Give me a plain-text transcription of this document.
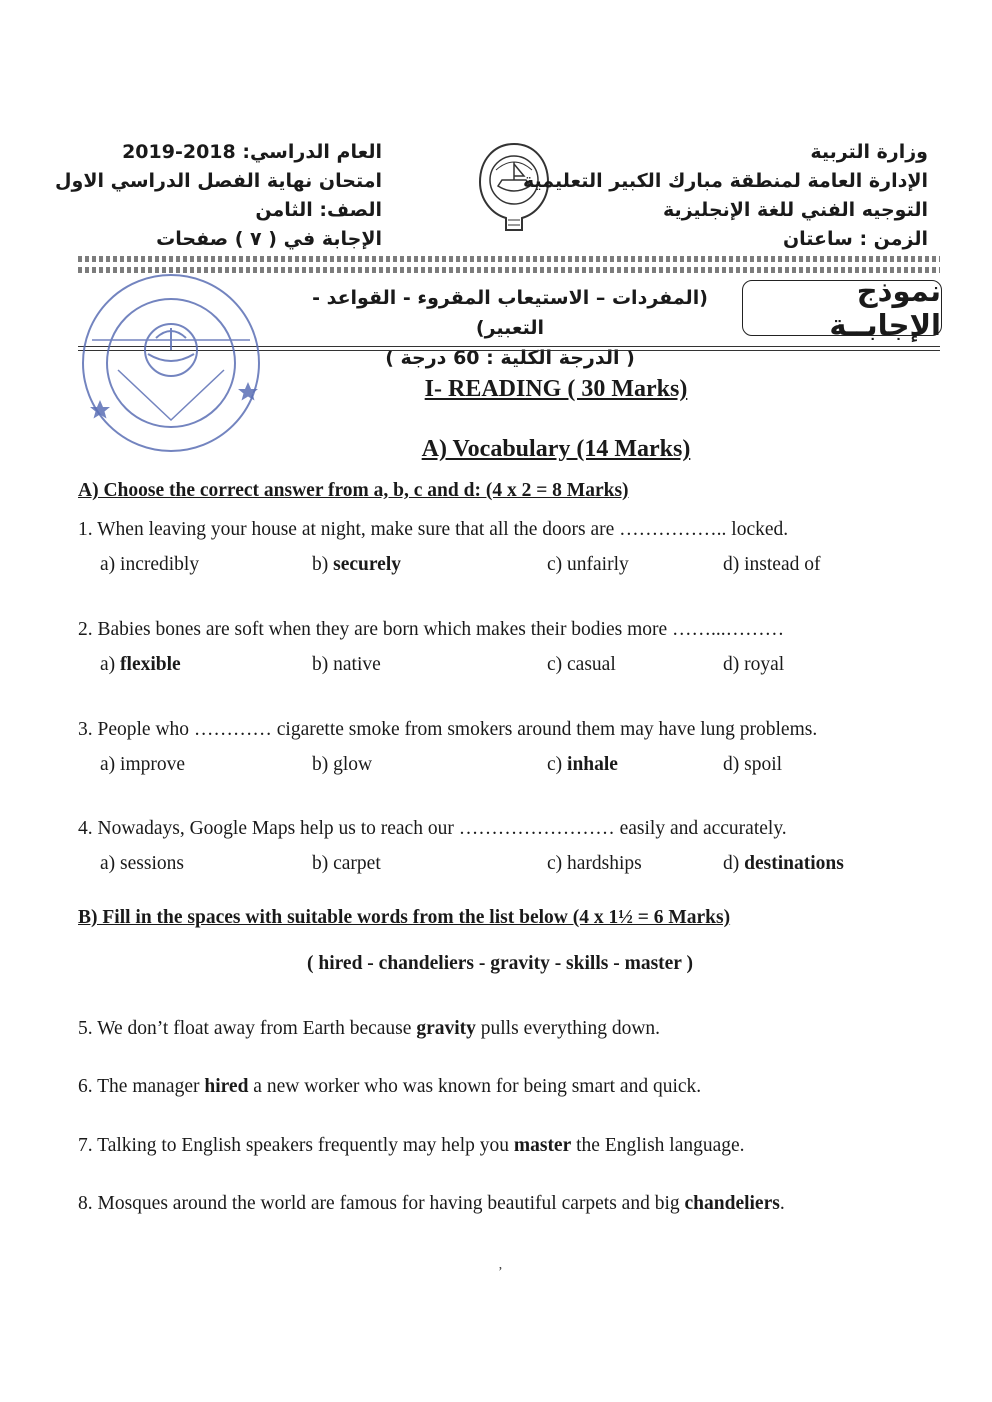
العام الدراسي: 2018-2019
امتحان نهاية الفصل الدراسي الاول
الصف: الثامن
الإجابة في ( ٧ ) صفحات
وزارة التربية
الإدارة العامة لمنطقة مبارك الكبير التعليمية
التوجيه الفني للغة الإنجليزية
الزمن : ساعتان
نموذج الإجابــة
(المفردات – الاستيعاب المقروء - القواعد - التعبير)
( الدرجة الكلية : 60 درجة )
I- READING ( 30 Marks)
A) Vocabulary (14 Marks)
A) Choose the correct answer from a, b, c and d: (4 x 2 = 8 Marks)
1. When leaving your house at night, make sure that all the doors are …………….. locked.
a) incredibly	b) securely	c) unfairly	d) instead of
2. Babies bones are soft when they are born which makes their bodies more ……...………
a) flexible	b) native	c) casual	d) royal
3. People who ………… cigarette smoke from smokers around them may have lung problems.
a) improve	b) glow	c) inhale	d) spoil
4. Nowadays, Google Maps help us to reach our …………………… easily and accurately.
a) sessions	b) carpet	c) hardships	d) destinations
B) Fill in the spaces with suitable words from the list below (4 x 1½ = 6 Marks)
( hired - chandeliers - gravity - skills - master )
5. We don’t float away from Earth because gravity pulls everything down.
6. The manager hired a new worker who was known for being smart and quick.
7. Talking to English speakers frequently may help you master the English language.
8. Mosques around the world are famous for having beautiful carpets and big chandeliers.
’
